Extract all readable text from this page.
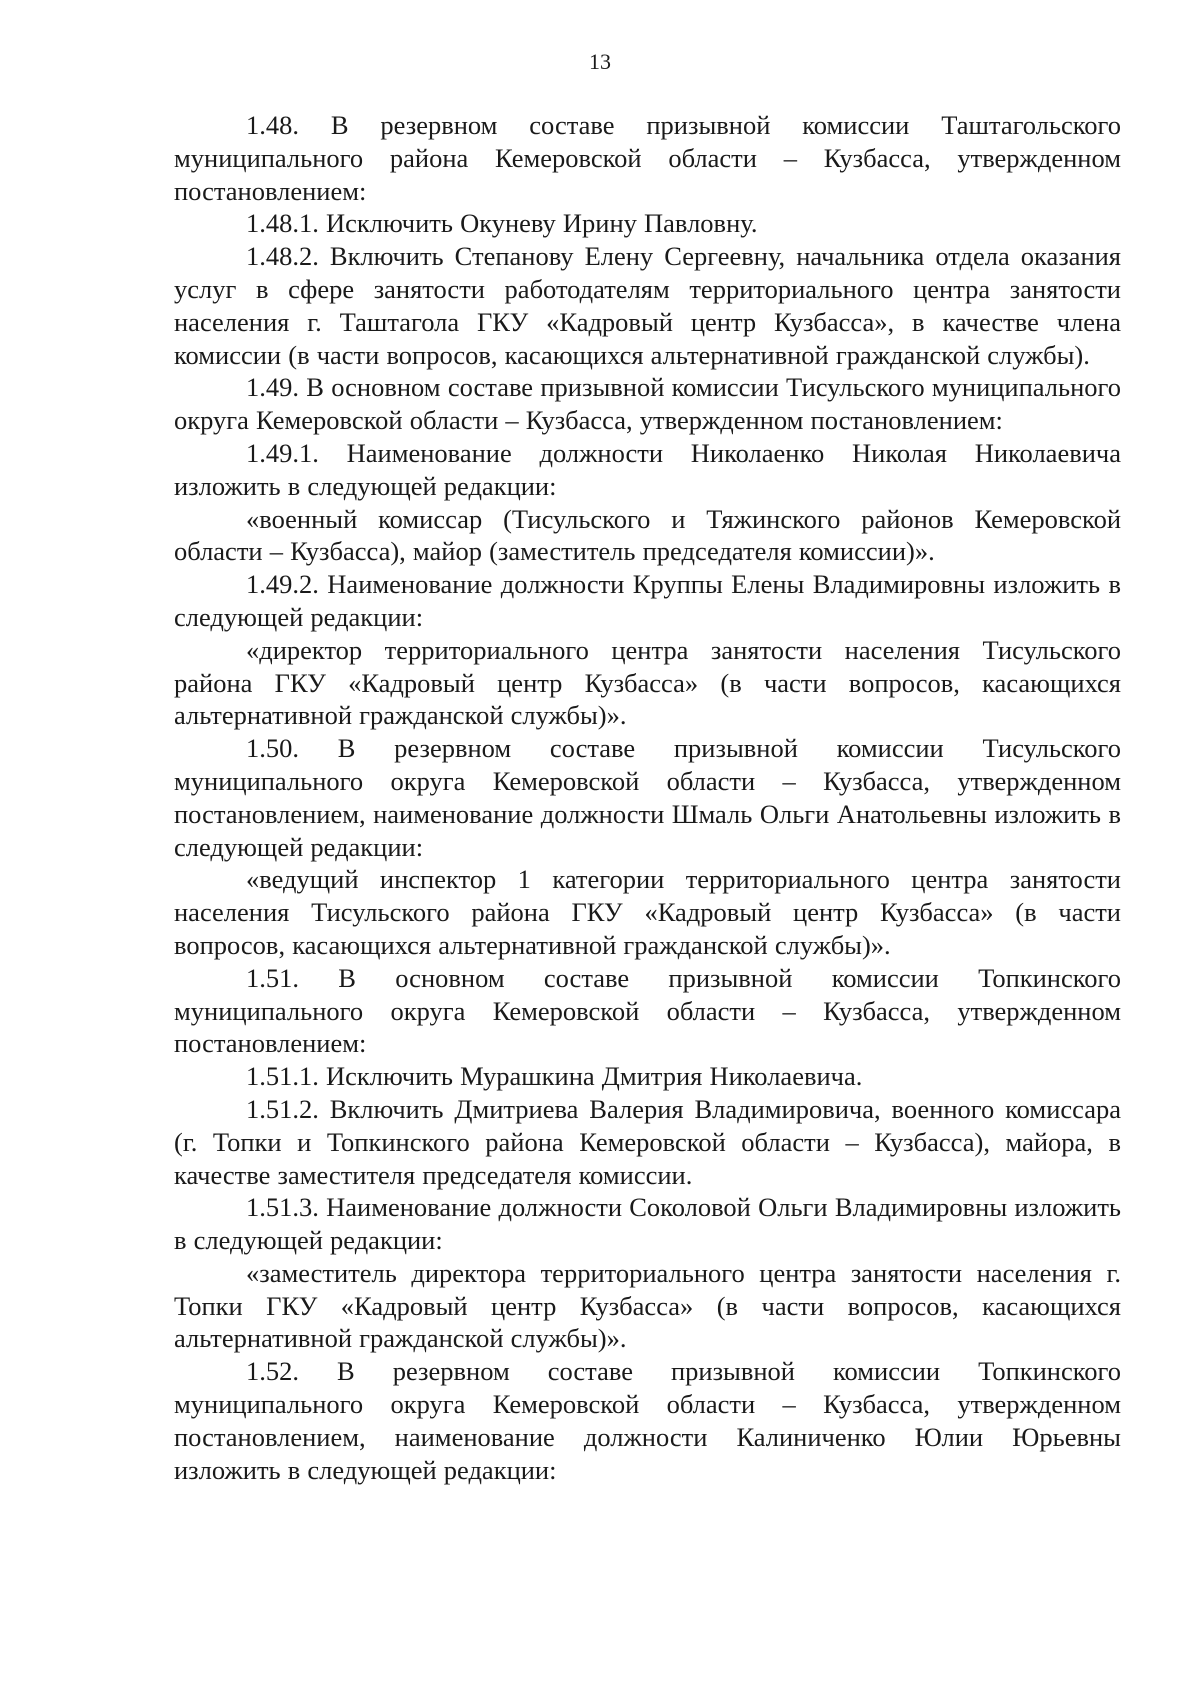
13

1.48. В резервном составе призывной комиссии Таштагольского муниципального района Кемеровской области – Кузбасса, утвержденном постановлением:

1.48.1. Исключить Окуневу Ирину Павловну.

1.48.2. Включить Степанову Елену Сергеевну, начальника отдела оказания услуг в сфере занятости работодателям территориального центра занятости населения г. Таштагола ГКУ «Кадровый центр Кузбасса», в качестве члена комиссии (в части вопросов, касающихся альтернативной гражданской службы).

1.49. В основном составе призывной комиссии Тисульского муниципального округа Кемеровской области – Кузбасса, утвержденном постановлением:

1.49.1. Наименование должности Николаенко Николая Николаевича изложить в следующей редакции:

«военный комиссар (Тисульского и Тяжинского районов Кемеровской области – Кузбасса), майор (заместитель председателя комиссии)».

1.49.2. Наименование должности Круппы Елены Владимировны изложить в следующей редакции:

«директор территориального центра занятости населения Тисульского района ГКУ «Кадровый центр Кузбасса» (в части вопросов, касающихся альтернативной гражданской службы)».

1.50. В резервном составе призывной комиссии Тисульского муниципального округа Кемеровской области – Кузбасса, утвержденном постановлением, наименование должности Шмаль Ольги Анатольевны изложить в следующей редакции:

«ведущий инспектор 1 категории территориального центра занятости населения Тисульского района ГКУ «Кадровый центр Кузбасса» (в части вопросов, касающихся альтернативной гражданской службы)».

1.51. В основном составе призывной комиссии Топкинского муниципального округа Кемеровской области – Кузбасса, утвержденном постановлением:

1.51.1. Исключить Мурашкина Дмитрия Николаевича.

1.51.2. Включить Дмитриева Валерия Владимировича, военного комиссара (г. Топки и Топкинского района Кемеровской области – Кузбасса), майора, в качестве заместителя председателя комиссии.

1.51.3. Наименование должности Соколовой Ольги Владимировны изложить в следующей редакции:

«заместитель директора территориального центра занятости населения г. Топки ГКУ «Кадровый центр Кузбасса» (в части вопросов, касающихся альтернативной гражданской службы)».

1.52. В резервном составе призывной комиссии Топкинского муниципального округа Кемеровской области – Кузбасса, утвержденном постановлением, наименование должности Калиниченко Юлии Юрьевны изложить в следующей редакции:
